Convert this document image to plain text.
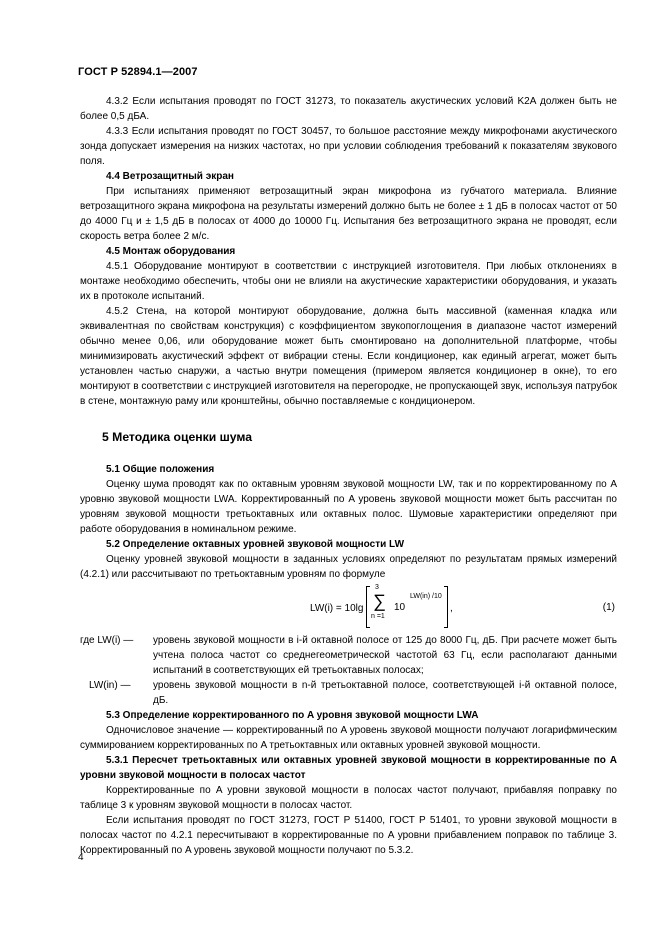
ГОСТ Р 52894.1—2007

4.3.2 Если испытания проводят по ГОСТ 31273, то показатель акустических условий K2A должен быть не более 0,5 дБА.

4.3.3 Если испытания проводят по ГОСТ 30457, то большое расстояние между микрофонами акустического зонда допускает измерения на низких частотах, но при условии соблюдения требований к показателям звукового поля.

4.4 Ветрозащитный экран

При испытаниях применяют ветрозащитный экран микрофона из губчатого материала. Влияние ветрозащитного экрана микрофона на результаты измерений должно быть не более ± 1 дБ в полосах частот от 50 до 4000 Гц и ± 1,5 дБ в полосах от 4000 до 10000 Гц. Испытания без ветрозащитного экрана не проводят, если скорость ветра более 2 м/с.

4.5 Монтаж оборудования

4.5.1 Оборудование монтируют в соответствии с инструкцией изготовителя. При любых отклонениях в монтаже необходимо обеспечить, чтобы они не влияли на акустические характеристики оборудования, и указать их в протоколе испытаний.

4.5.2 Стена, на которой монтируют оборудование, должна быть массивной (каменная кладка или эквивалентная по свойствам конструкция) с коэффициентом звукопоглощения в диапазоне частот измерений обычно менее 0,06, или оборудование может быть смонтировано на дополнительной платформе, чтобы минимизировать акустический эффект от вибрации стены. Если кондиционер, как единый агрегат, может быть установлен частью снаружи, а частью внутри помещения (примером является кондиционер в окне), то его монтируют в соответствии с инструкцией изготовителя на перегородке, не пропускающей звук, используя патрубок в стене, монтажную раму или кронштейны, обычно поставляемые с кондиционером.

5 Методика оценки шума

5.1 Общие положения

Оценку шума проводят как по октавным уровням звуковой мощности LW, так и по корректированному по A уровню звуковой мощности LWA. Корректированный по A уровень звуковой мощности может быть рассчитан по уровням звуковой мощности третьоктавных или октавных полос. Шумовые характеристики определяют при работе оборудования в номинальном режиме.

5.2 Определение октавных уровней звуковой мощности LW

Оценку уровней звуковой мощности в заданных условиях определяют по результатам прямых измерений (4.2.1) или рассчитывают по третьоктавным уровням по формуле

LW(i) = 10lg
3
∑
n =1
10
LW(in) /10
,	(1)

где LW(i) — уровень звуковой мощности в i-й октавной полосе от 125 до 8000 Гц, дБ. При расчете может быть учтена полоса частот со среднегеометрической частотой 63 Гц, если располагают данными испытаний в соответствующих ей третьоктавных полосах;

LW(in) — уровень звуковой мощности в n-й третьоктавной полосе, соответствующей i-й октавной полосе, дБ.

5.3 Определение корректированного по A уровня звуковой мощности LWA

Одночисловое значение — корректированный по A уровень звуковой мощности получают логарифмическим суммированием корректированных по A третьоктавных или октавных уровней звуковой мощности.

5.3.1 Пересчет третьоктавных или октавных уровней звуковой мощности в корректированные по A уровни звуковой мощности в полосах частот

Корректированные по A уровни звуковой мощности в полосах частот получают, прибавляя поправку по таблице 3 к уровням звуковой мощности в полосах частот.

Если испытания проводят по ГОСТ 31273, ГОСТ Р 51400, ГОСТ Р 51401, то уровни звуковой мощности в полосах частот по 4.2.1 пересчитывают в корректированные по A уровни прибавлением поправок по таблице 3. Корректированный по A уровень звуковой мощности получают по 5.3.2.

4
